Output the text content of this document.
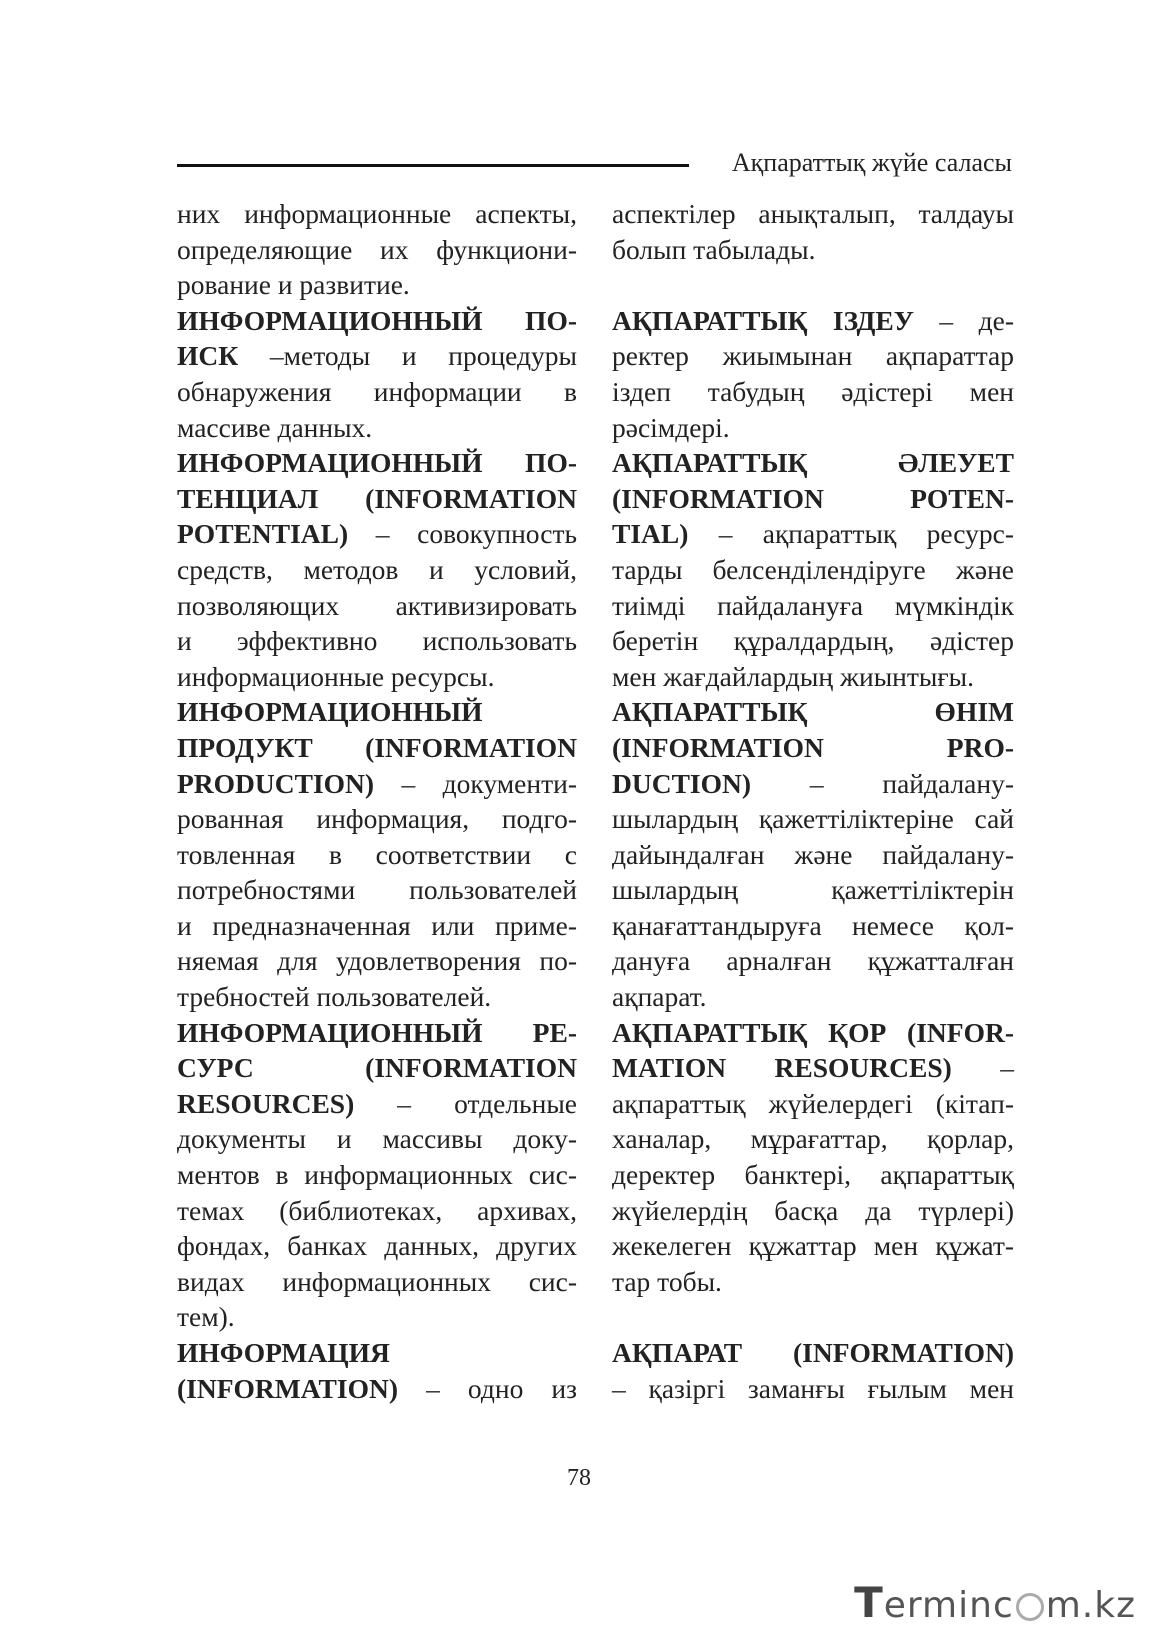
Ақпараттық жүйе саласы
них информационные аспекты,
определяющие их функциони-
рование и развитие.
ИНФОРМАЦИОННЫЙ ПО-
ИСК –методы и процедуры
обнаружения информации в
массиве данных.
ИНФОРМАЦИОННЫЙ ПО-
ТЕНЦИАЛ (INFORMATION
POTENTIAL) – совокупность
средств, методов и условий,
позволяющих активизировать
и эффективно использовать
информационные ресурсы.
ИНФОРМАЦИОННЫЙ
ПРОДУКТ (INFORMATION
PRODUCTION) – документи-
рованная информация, подго-
товленная в соответствии с
потребностями пользователей
и предназначенная или приме-
няемая для удовлетворения по-
требностей пользователей.
ИНФОРМАЦИОННЫЙ РЕ-
СУРС (INFORMATION
RESOURCES) – отдельные
документы и массивы доку-
ментов в информационных сис-
темах (библиотеках, архивах,
фондах, банках данных, других
видах информационных сис-
тем).
ИНФОРМАЦИЯ
(INFORMATION) – одно из
аспектілер анықталып, талдауы
болып табылады.
АҚПАРАТТЫҚ ІЗДЕУ – де-
ректер жиымынан ақпараттар
іздеп табудың әдістері мен
рәсімдері.
АҚПАРАТТЫҚ ӘЛЕУЕТ
(INFORMATION POTEN-
TIAL) – ақпараттық ресурс-
тарды белсенділендіруге және
тиімді пайдалануға мүмкіндік
беретін құралдардың, әдістер
мен жағдайлардың жиынтығы.
АҚПАРАТТЫҚ ӨНІМ
(INFORMATION PRO-
DUCTION) – пайдалану-
шылардың қажеттіліктеріне сай
дайындалған және пайдалану-
шылардың қажеттіліктерін
қанағаттандыруға немесе қол-
дануға арналған құжатталған
ақпарат.
АҚПАРАТТЫҚ ҚОР (INFOR-
MATION RESOURCES) –
ақпараттық жүйелердегі (кітап-
ханалар, мұрағаттар, қорлар,
деректер банктері, ақпараттық
жүйелердің басқа да түрлері)
жекелеген құжаттар мен құжат-
тар тобы.
АҚПАРАТ (INFORMATION)
– қазіргі заманғы ғылым мен
78
Terminc m.kz
